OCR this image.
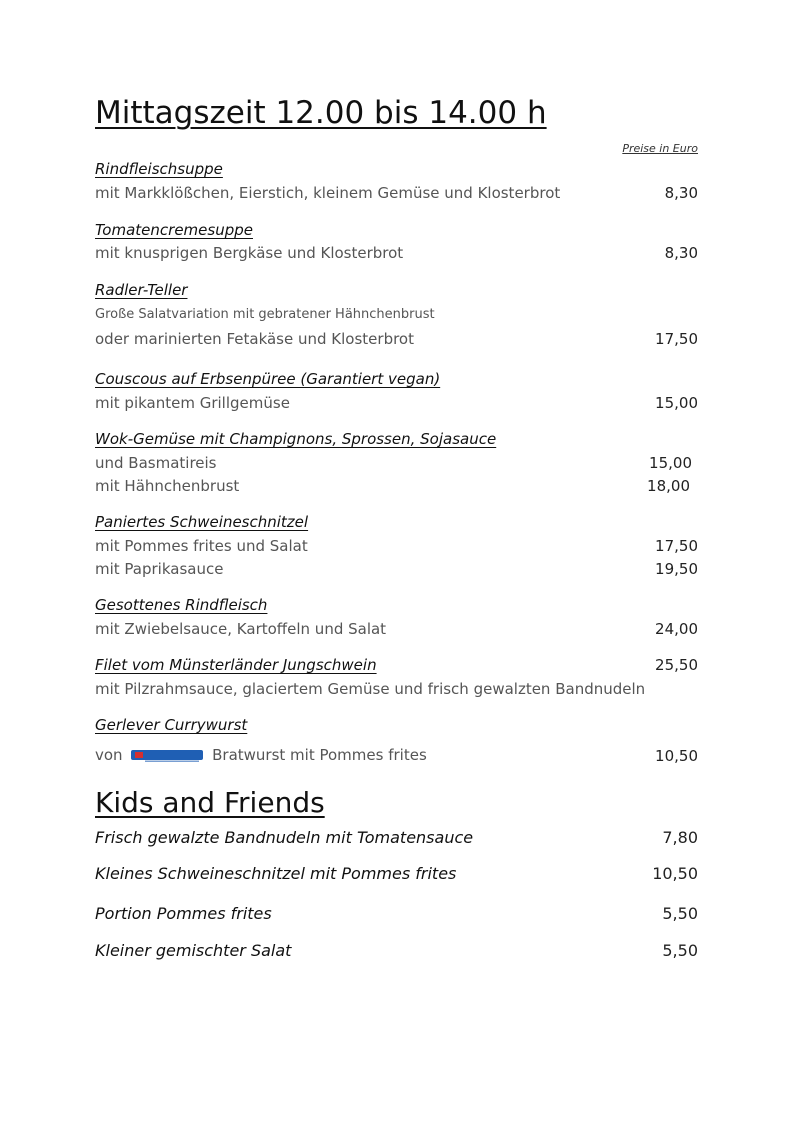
Mittagszeit 12.00 bis 14.00 h
Preise in Euro
Rindfleischsuppe
mit Markklößchen, Eierstich, kleinem Gemüse und Klosterbrot	8,30
Tomatencremesuppe
mit knusprigen Bergkäse und Klosterbrot	8,30
Radler-Teller
Große Salatvariation mit gebratener Hähnchenbrust
oder marinierten Fetakäse und Klosterbrot	17,50
Couscous auf Erbsenpüree (Garantiert vegan)
mit pikantem Grillgemüse	15,00
Wok-Gemüse mit Champignons, Sprossen, Sojasauce
und Basmatireis	15,00
mit Hähnchenbrust	18,00
Paniertes Schweineschnitzel
mit Pommes frites und Salat	17,50
mit Paprikasauce	19,50
Gesottenes Rindfleisch
mit Zwiebelsauce, Kartoffeln und Salat	24,00
Filet vom Münsterländer Jungschwein	25,50
mit Pilzrahmsauce, glaciertem Gemüse und frisch gewalzten Bandnudeln
Gerlever Currywurst
von	Bratwurst mit Pommes frites	10,50
Kids and Friends
Frisch gewalzte Bandnudeln mit Tomatensauce	7,80
Kleines Schweineschnitzel mit Pommes frites	10,50
Portion Pommes frites	5,50
Kleiner gemischter Salat	5,50
